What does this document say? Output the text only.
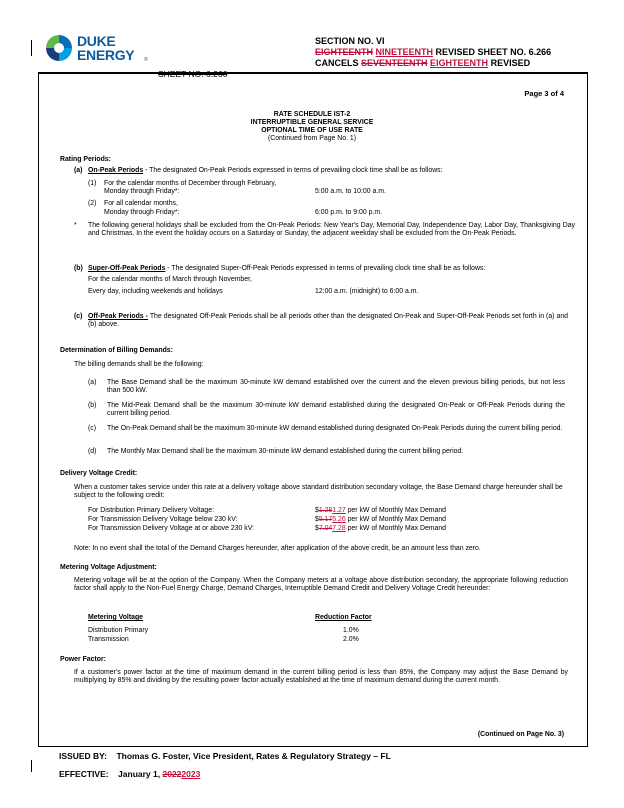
DUKE
ENERGY ®
SECTION NO. VI
EIGHTEENTH NINETEENTH REVISED SHEET NO. 6.266
CANCELS SEVENTEENTH EIGHTEENTH REVISED
SHEET NO. 6.266
Page 3 of 4
RATE SCHEDULE IST-2
INTERRUPTIBLE GENERAL SERVICE
OPTIONAL TIME OF USE RATE
(Continued from Page No. 1)
Rating Periods:
(a) On-Peak Periods - The designated On-Peak Periods expressed in terms of prevailing clock time shall be as follows:
(1) For the calendar months of December through February,
Monday through Friday*:	5:00 a.m. to 10:00 a.m.
(2) For all calendar months,
Monday through Friday*:	6:00 p.m. to 9:00 p.m.
* The following general holidays shall be excluded from the On-Peak Periods: New Year's Day, Memorial Day, Independence Day, Labor Day, Thanksgiving Day and Christmas. In the event the holiday occurs on a Saturday or Sunday, the adjacent weekday shall be excluded from the On-Peak Periods.
(b) Super-Off-Peak Periods - The designated Super-Off-Peak Periods expressed in terms of prevailing clock time shall be as follows:
For the calendar months of March through November,
Every day, including weekends and holidays	12:00 a.m. (midnight) to 6:00 a.m.
(c) Off-Peak Periods - The designated Off-Peak Periods shall be all periods other than the designated On-Peak and Super-Off-Peak Periods set forth in (a) and (b) above.
Determination of Billing Demands:
The billing demands shall be the following:
(a) The Base Demand shall be the maximum 30-minute kW demand established over the current and the eleven previous billing periods, but not less than 500 kW.
(b) The Mid-Peak Demand shall be the maximum 30-minute kW demand established during the designated On-Peak or Off-Peak Periods during the current billing period.
(c) The On-Peak Demand shall be the maximum 30-minute kW demand established during designated On-Peak Periods during the current billing period.
(d) The Monthly Max Demand shall be the maximum 30-minute kW demand established during the current billing period.
Delivery Voltage Credit:
When a customer takes service under this rate at a delivery voltage above standard distribution secondary voltage, the Base Demand charge hereunder shall be subject to the following credit:
For Distribution Primary Delivery Voltage:	$1.281.27 per kW of Monthly Max Demand
For Transmission Delivery Voltage below 230 kV:	$5.175.26 per kW of Monthly Max Demand
For Transmission Delivery Voltage at or above 230 kV:	$7.047.28 per kW of Monthly Max Demand
Note: In no event shall the total of the Demand Charges hereunder, after application of the above credit, be an amount less than zero.
Metering Voltage Adjustment:
Metering voltage will be at the option of the Company. When the Company meters at a voltage above distribution secondary, the appropriate following reduction factor shall apply to the Non-Fuel Energy Charge, Demand Charges, Interruptible Demand Credit and Delivery Voltage Credit hereunder:
Metering Voltage	Reduction Factor
Distribution Primary	1.0%
Transmission	2.0%
Power Factor:
If a customer's power factor at the time of maximum demand in the current billing period is less than 85%, the Company may adjust the Base Demand by multiplying by 85% and dividing by the resulting power factor actually established at the time of maximum demand during the current month.
(Continued on Page No. 3)
ISSUED BY: Thomas G. Foster, Vice President, Rates & Regulatory Strategy – FL
EFFECTIVE: January 1, 20222023
